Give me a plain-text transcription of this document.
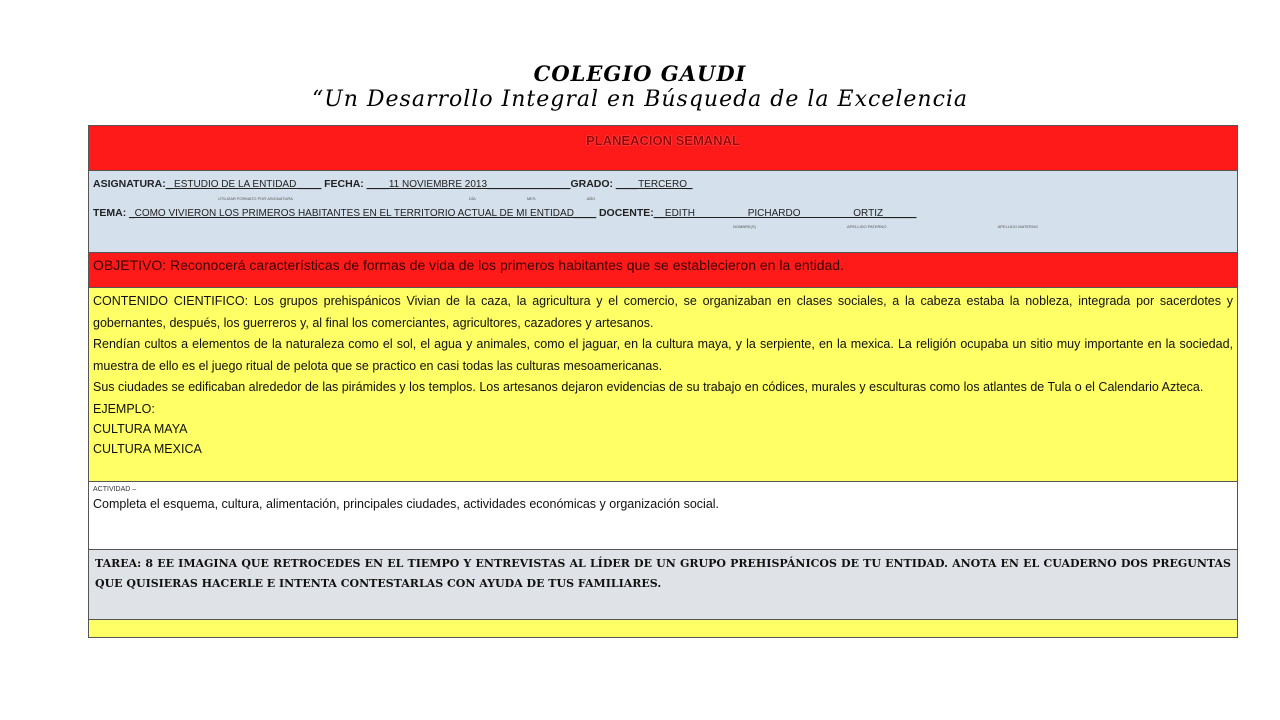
COLEGIO GAUDI
“Un Desarrollo Integral en Búsqueda de la Excelencia
PLANEACION SEMANAL
ASIGNATURA:_ ESTUDIO DE LA ENTIDAD ____ FECHA: ____11 NOVIEMBRE 2013_______________GRADO: ____TERCERO_
UTILIZAR FORMATO POR ASIGNATURA	DÍA	MES	AÑO
TEMA: _COMO VIVIERON LOS PRIMEROS HABITANTES EN EL TERRITORIO ACTUAL DE MI ENTIDAD____ DOCENTE:__EDITH PICHARDO ORTIZ______
NOMBRE(S)	APELLIDO PATERNO	APELLIDO MATERNO
OBJETIVO: Reconocerá características de formas de vida de los primeros habitantes que se establecieron en la entidad.

CONTENIDO CIENTIFICO: Los grupos prehispánicos Vivian de la caza, la agricultura y el comercio, se organizaban en clases sociales, a la cabeza estaba la nobleza, integrada por sacerdotes y gobernantes, después, los guerreros y, al final los comerciantes, agricultores, cazadores y artesanos.

Rendían cultos a elementos de la naturaleza como el sol, el agua y animales, como el jaguar, en la cultura maya, y la serpiente, en la mexica. La religión ocupaba un sitio muy importante en la sociedad, muestra de ello es el juego ritual de pelota que se practico en casi todas las culturas mesoamericanas.

Sus ciudades se edificaban alrededor de las pirámides y los templos. Los artesanos dejaron evidencias de su trabajo en códices, murales y esculturas como los atlantes de Tula o el Calendario Azteca.

EJEMPLO:

CULTURA MAYA

CULTURA MEXICA

ACTIVIDAD –
Completa el esquema, cultura, alimentación, principales ciudades, actividades económicas y organización social.
TAREA: 8 EE IMAGINA QUE RETROCEDES EN EL TIEMPO Y ENTREVISTAS AL LÍDER DE UN GRUPO PREHISPÁNICOS DE TU ENTIDAD. ANOTA EN EL CUADERNO DOS PREGUNTAS QUE QUISIERAS HACERLE E INTENTA CONTESTARLAS CON AYUDA DE TUS FAMILIARES.
